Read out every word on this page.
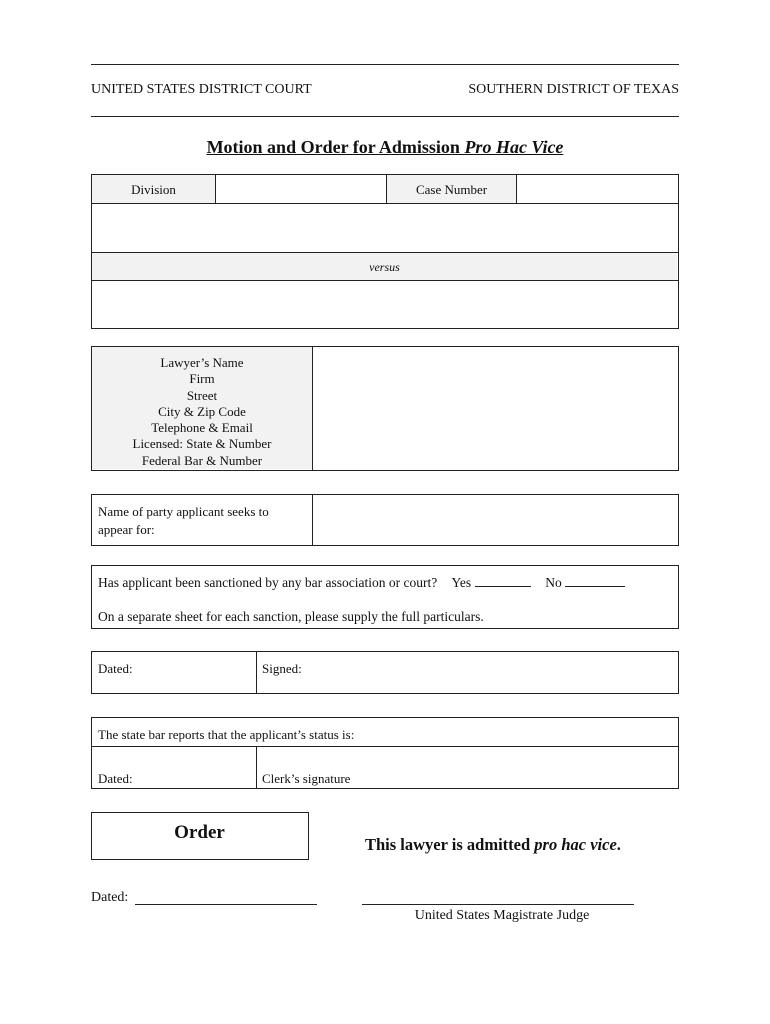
UNITED STATES DISTRICT COURT	SOUTHERN DISTRICT OF TEXAS
Motion and Order for Admission Pro Hac Vice
Division	Case Number
versus
Lawyer’s Name
Firm
Street
City & Zip Code
Telephone & Email
Licensed: State & Number
Federal Bar & Number
Name of party applicant seeks to
appear for:
Has applicant been sanctioned by any bar association or court? Yes	No
On a separate sheet for each sanction, please supply the full particulars.
Dated:	Signed:
The state bar reports that the applicant’s status is:
Dated:	Clerk’s signature
Order
This lawyer is admitted pro hac vice.
Dated:
United States Magistrate Judge
